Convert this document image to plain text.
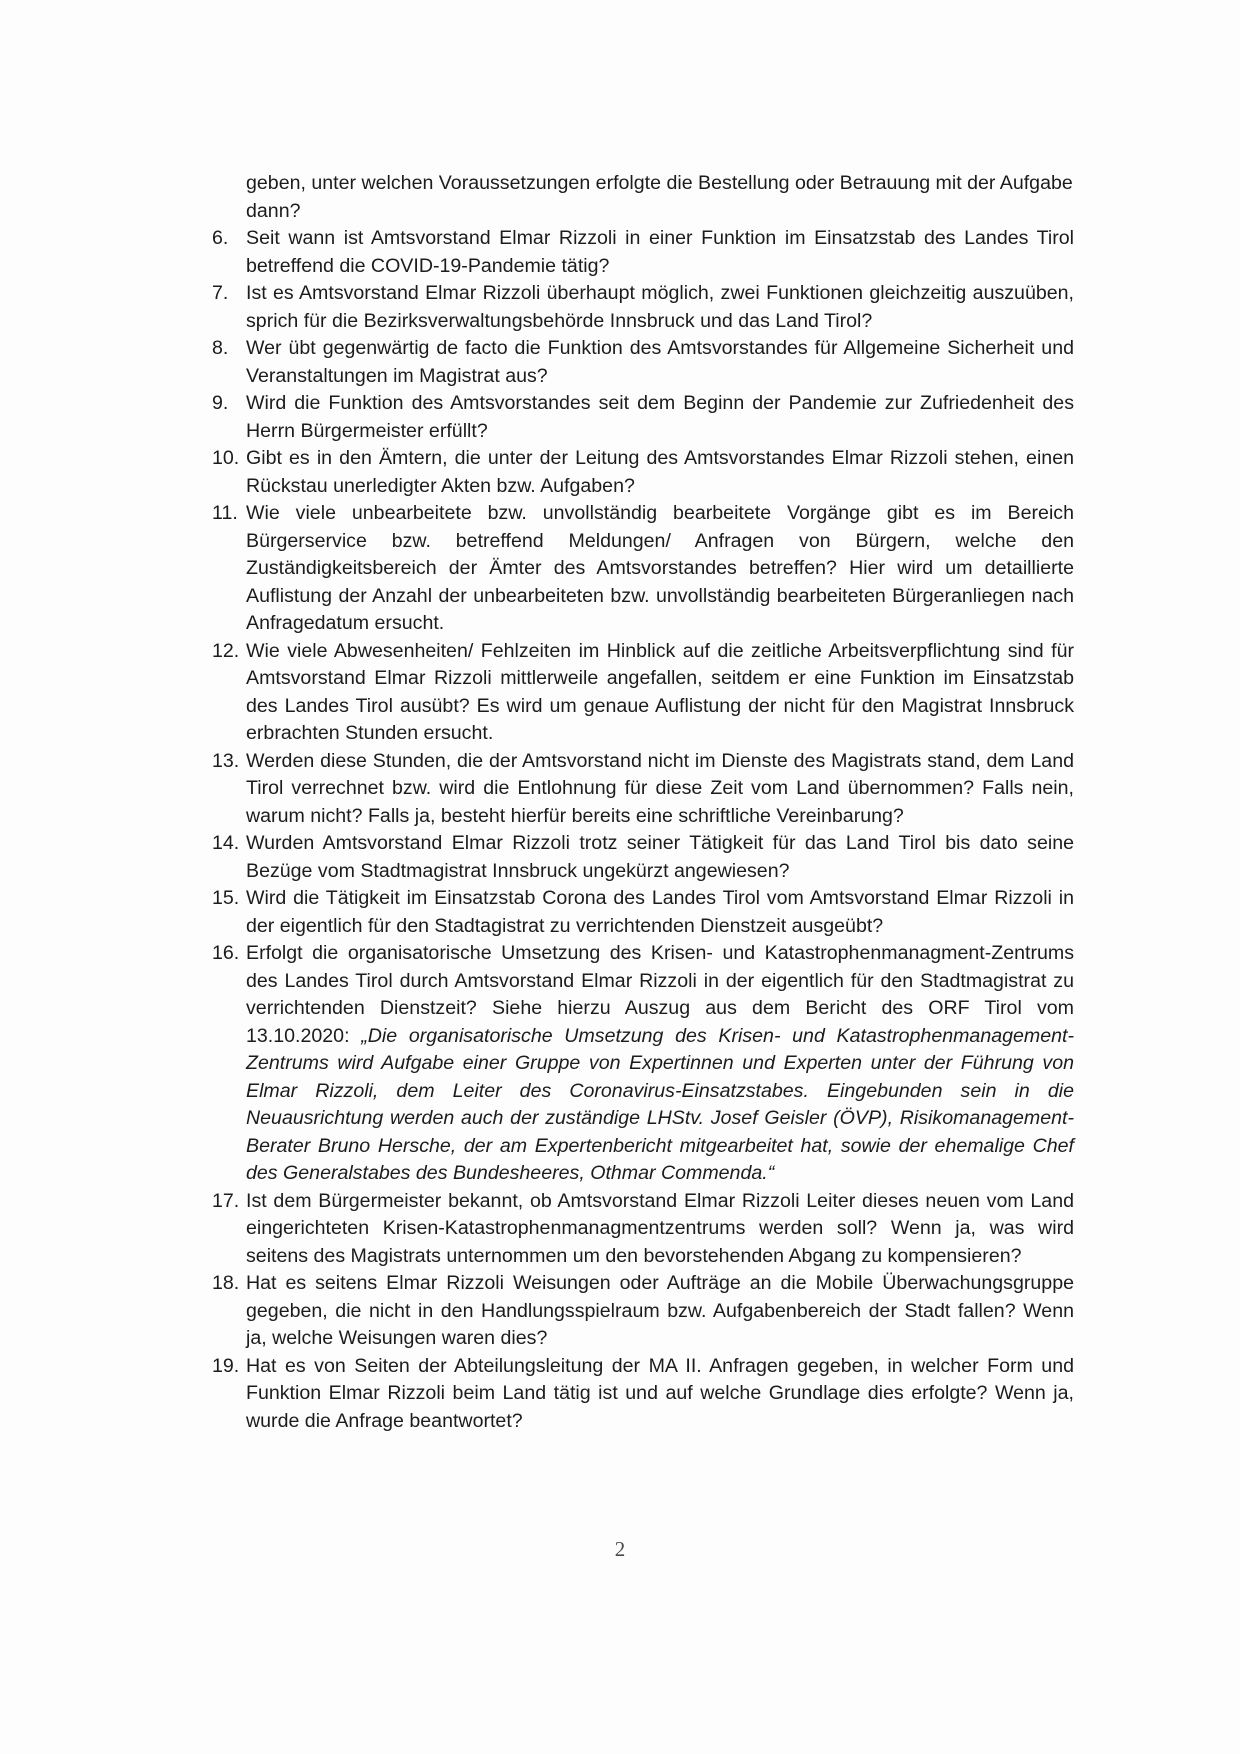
geben, unter welchen Voraussetzungen erfolgte die Bestellung oder Betrauung mit der Aufgabe dann?

6. Seit wann ist Amtsvorstand Elmar Rizzoli in einer Funktion im Einsatzstab des Landes Tirol betreffend die COVID-19-Pandemie tätig?
7. Ist es Amtsvorstand Elmar Rizzoli überhaupt möglich, zwei Funktionen gleichzeitig auszuüben, sprich für die Bezirksverwaltungsbehörde Innsbruck und das Land Tirol?
8. Wer übt gegenwärtig de facto die Funktion des Amtsvorstandes für Allgemeine Sicherheit und Veranstaltungen im Magistrat aus?
9. Wird die Funktion des Amtsvorstandes seit dem Beginn der Pandemie zur Zufriedenheit des Herrn Bürgermeister erfüllt?
10. Gibt es in den Ämtern, die unter der Leitung des Amtsvorstandes Elmar Rizzoli stehen, einen Rückstau unerledigter Akten bzw. Aufgaben?
11. Wie viele unbearbeitete bzw. unvollständig bearbeitete Vorgänge gibt es im Bereich Bürgerservice bzw. betreffend Meldungen/ Anfragen von Bürgern, welche den Zuständigkeitsbereich der Ämter des Amtsvorstandes betreffen? Hier wird um detaillierte Auflistung der Anzahl der unbearbeiteten bzw. unvollständig bearbeiteten Bürgeranliegen nach Anfragedatum ersucht.
12. Wie viele Abwesenheiten/ Fehlzeiten im Hinblick auf die zeitliche Arbeitsverpflichtung sind für Amtsvorstand Elmar Rizzoli mittlerweile angefallen, seitdem er eine Funktion im Einsatzstab des Landes Tirol ausübt? Es wird um genaue Auflistung der nicht für den Magistrat Innsbruck erbrachten Stunden ersucht.
13. Werden diese Stunden, die der Amtsvorstand nicht im Dienste des Magistrats stand, dem Land Tirol verrechnet bzw. wird die Entlohnung für diese Zeit vom Land übernommen? Falls nein, warum nicht? Falls ja, besteht hierfür bereits eine schriftliche Vereinbarung?
14. Wurden Amtsvorstand Elmar Rizzoli trotz seiner Tätigkeit für das Land Tirol bis dato seine Bezüge vom Stadtmagistrat Innsbruck ungekürzt angewiesen?
15. Wird die Tätigkeit im Einsatzstab Corona des Landes Tirol vom Amtsvorstand Elmar Rizzoli in der eigentlich für den Stadtagistrat zu verrichtenden Dienstzeit ausgeübt?
16. Erfolgt die organisatorische Umsetzung des Krisen- und Katastrophenmanagment-Zentrums des Landes Tirol durch Amtsvorstand Elmar Rizzoli in der eigentlich für den Stadtmagistrat zu verrichtenden Dienstzeit? Siehe hierzu Auszug aus dem Bericht des ORF Tirol vom 13.10.2020: „Die organisatorische Umsetzung des Krisen- und Katastrophenmanagement-Zentrums wird Aufgabe einer Gruppe von Expertinnen und Experten unter der Führung von Elmar Rizzoli, dem Leiter des Coronavirus-Einsatzstabes. Eingebunden sein in die Neuausrichtung werden auch der zuständige LHStv. Josef Geisler (ÖVP), Risikomanagement-Berater Bruno Hersche, der am Expertenbericht mitgearbeitet hat, sowie der ehemalige Chef des Generalstabes des Bundesheeres, Othmar Commenda.“
17. Ist dem Bürgermeister bekannt, ob Amtsvorstand Elmar Rizzoli Leiter dieses neuen vom Land eingerichteten Krisen-Katastrophenmanagmentzentrums werden soll? Wenn ja, was wird seitens des Magistrats unternommen um den bevorstehenden Abgang zu kompensieren?
18. Hat es seitens Elmar Rizzoli Weisungen oder Aufträge an die Mobile Überwachungsgruppe gegeben, die nicht in den Handlungsspielraum bzw. Aufgabenbereich der Stadt fallen? Wenn ja, welche Weisungen waren dies?
19. Hat es von Seiten der Abteilungsleitung der MA II. Anfragen gegeben, in welcher Form und Funktion Elmar Rizzoli beim Land tätig ist und auf welche Grundlage dies erfolgte? Wenn ja, wurde die Anfrage beantwortet?
2
